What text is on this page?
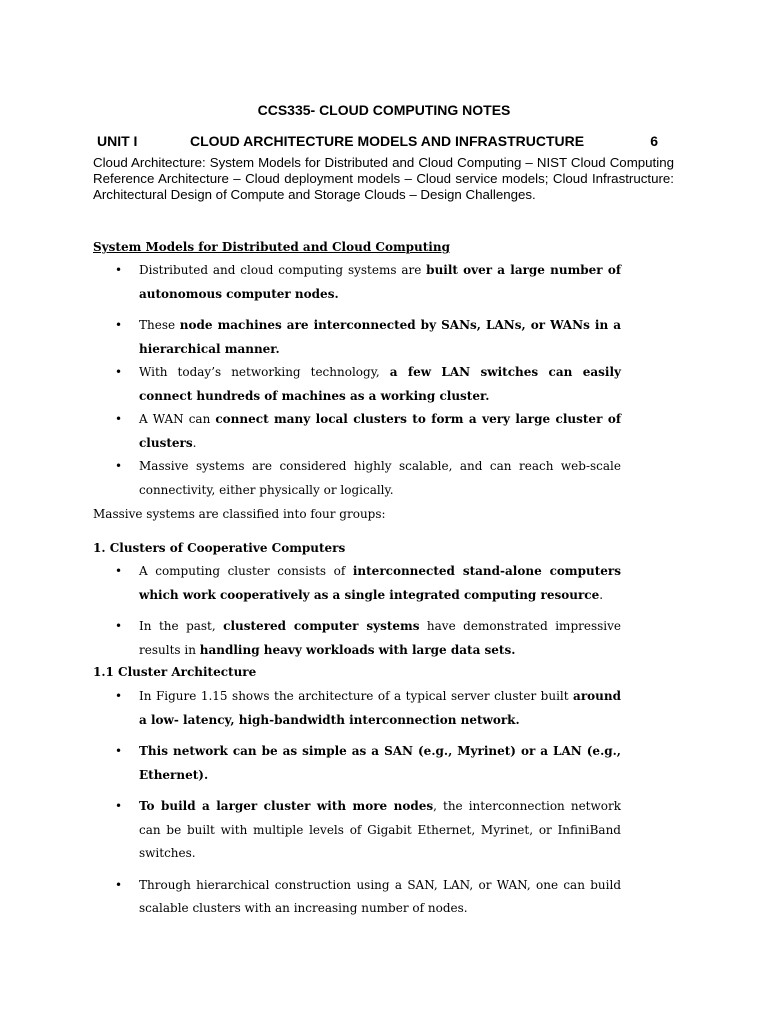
CCS335- CLOUD COMPUTING NOTES
UNIT I	CLOUD ARCHITECTURE MODELS AND INFRASTRUCTURE	6

Cloud Architecture: System Models for Distributed and Cloud Computing – NIST Cloud Computing Reference Architecture – Cloud deployment models – Cloud service models; Cloud Infrastructure: Architectural Design of Compute and Storage Clouds – Design Challenges.

System Models for Distributed and Cloud Computing
• Distributed and cloud computing systems are built over a large number of autonomous computer nodes.
• These node machines are interconnected by SANs, LANs, or WANs in a hierarchical manner.
• With today’s networking technology, a few LAN switches can easily connect hundreds of machines as a working cluster.
• A WAN can connect many local clusters to form a very large cluster of clusters.
• Massive systems are considered highly scalable, and can reach web-scale connectivity, either physically or logically.
Massive systems are classified into four groups:
1. Clusters of Cooperative Computers
• A computing cluster consists of interconnected stand-alone computers which work cooperatively as a single integrated computing resource.
• In the past, clustered computer systems have demonstrated impressive results in handling heavy workloads with large data sets.
1.1 Cluster Architecture
• In Figure 1.15 shows the architecture of a typical server cluster built around a low- latency, high-bandwidth interconnection network.
• This network can be as simple as a SAN (e.g., Myrinet) or a LAN (e.g., Ethernet).
• To build a larger cluster with more nodes, the interconnection network can be built with multiple levels of Gigabit Ethernet, Myrinet, or InfiniBand switches.
• Through hierarchical construction using a SAN, LAN, or WAN, one can build scalable clusters with an increasing number of nodes.
